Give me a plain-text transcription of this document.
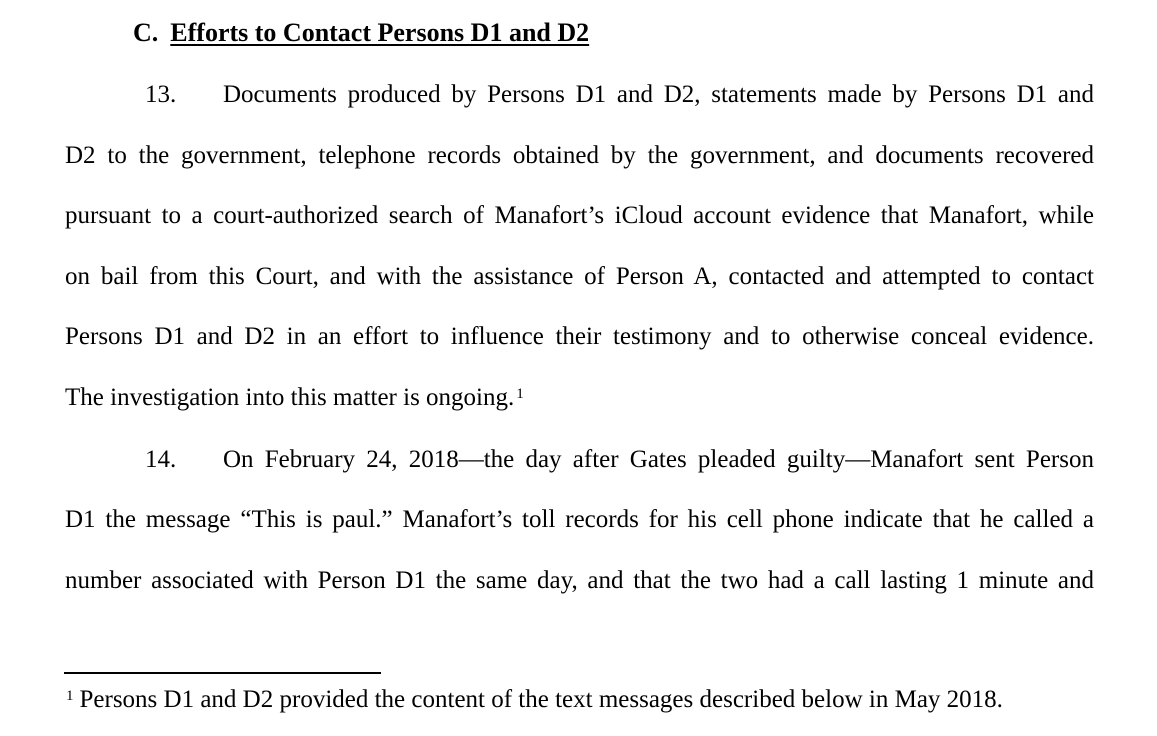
C. Efforts to Contact Persons D1 and D2
13. Documents produced by Persons D1 and D2, statements made by Persons D1 and
D2 to the government, telephone records obtained by the government, and documents recovered
pursuant to a court-authorized search of Manafort’s iCloud account evidence that Manafort, while
on bail from this Court, and with the assistance of Person A, contacted and attempted to contact
Persons D1 and D2 in an effort to influence their testimony and to otherwise conceal evidence.
The investigation into this matter is ongoing. $^1$
14. On February 24, 2018—the day after Gates pleaded guilty—Manafort sent Person
D1 the message “This is paul.” Manafort’s toll records for his cell phone indicate that he called a
number associated with Person D1 the same day, and that the two had a call lasting 1 minute and
$^1$ Persons D1 and D2 provided the content of the text messages described below in May 2018.
